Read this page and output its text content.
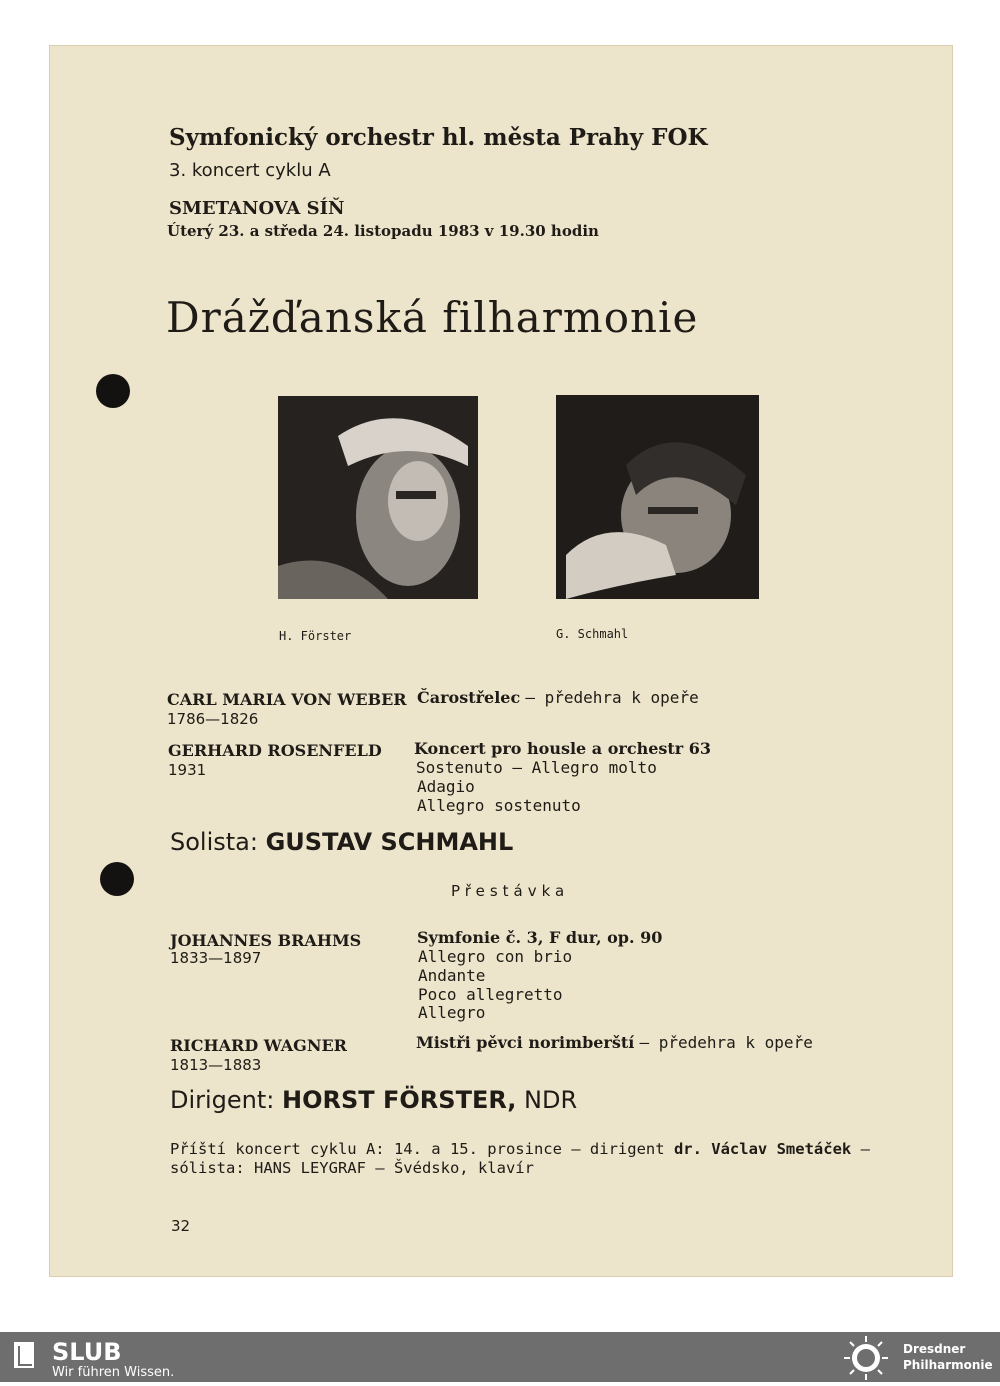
Symfonický orchestr hl. města Prahy FOK
3. koncert cyklu A
SMETANOVA SÍŇ
Úterý 23. a středa 24. listopadu 1983 v 19.30 hodin
Drážďanská filharmonie
H. Förster	G. Schmahl
CARL MARIA VON WEBER
1786—1826
Čarostřelec — předehra k opeře
GERHARD ROSENFELD
1931
Koncert pro housle a orchestr 63
Sostenuto — Allegro molto
Adagio
Allegro sostenuto
Solista: GUSTAV SCHMAHL
Přestávka
JOHANNES BRAHMS
1833—1897
Symfonie č. 3, F dur, op. 90
Allegro con brio
Andante
Poco allegretto
Allegro
RICHARD WAGNER
1813—1883
Mistři pěvci norimberští — předehra k opeře
Dirigent: HORST FÖRSTER, NDR
Příští koncert cyklu A: 14. a 15. prosince — dirigent dr. Václav Smetáček —
sólista: HANS LEYGRAF — Švédsko, klavír
32
SLUB
Wir führen Wissen.
Dresdner
Philharmonie
